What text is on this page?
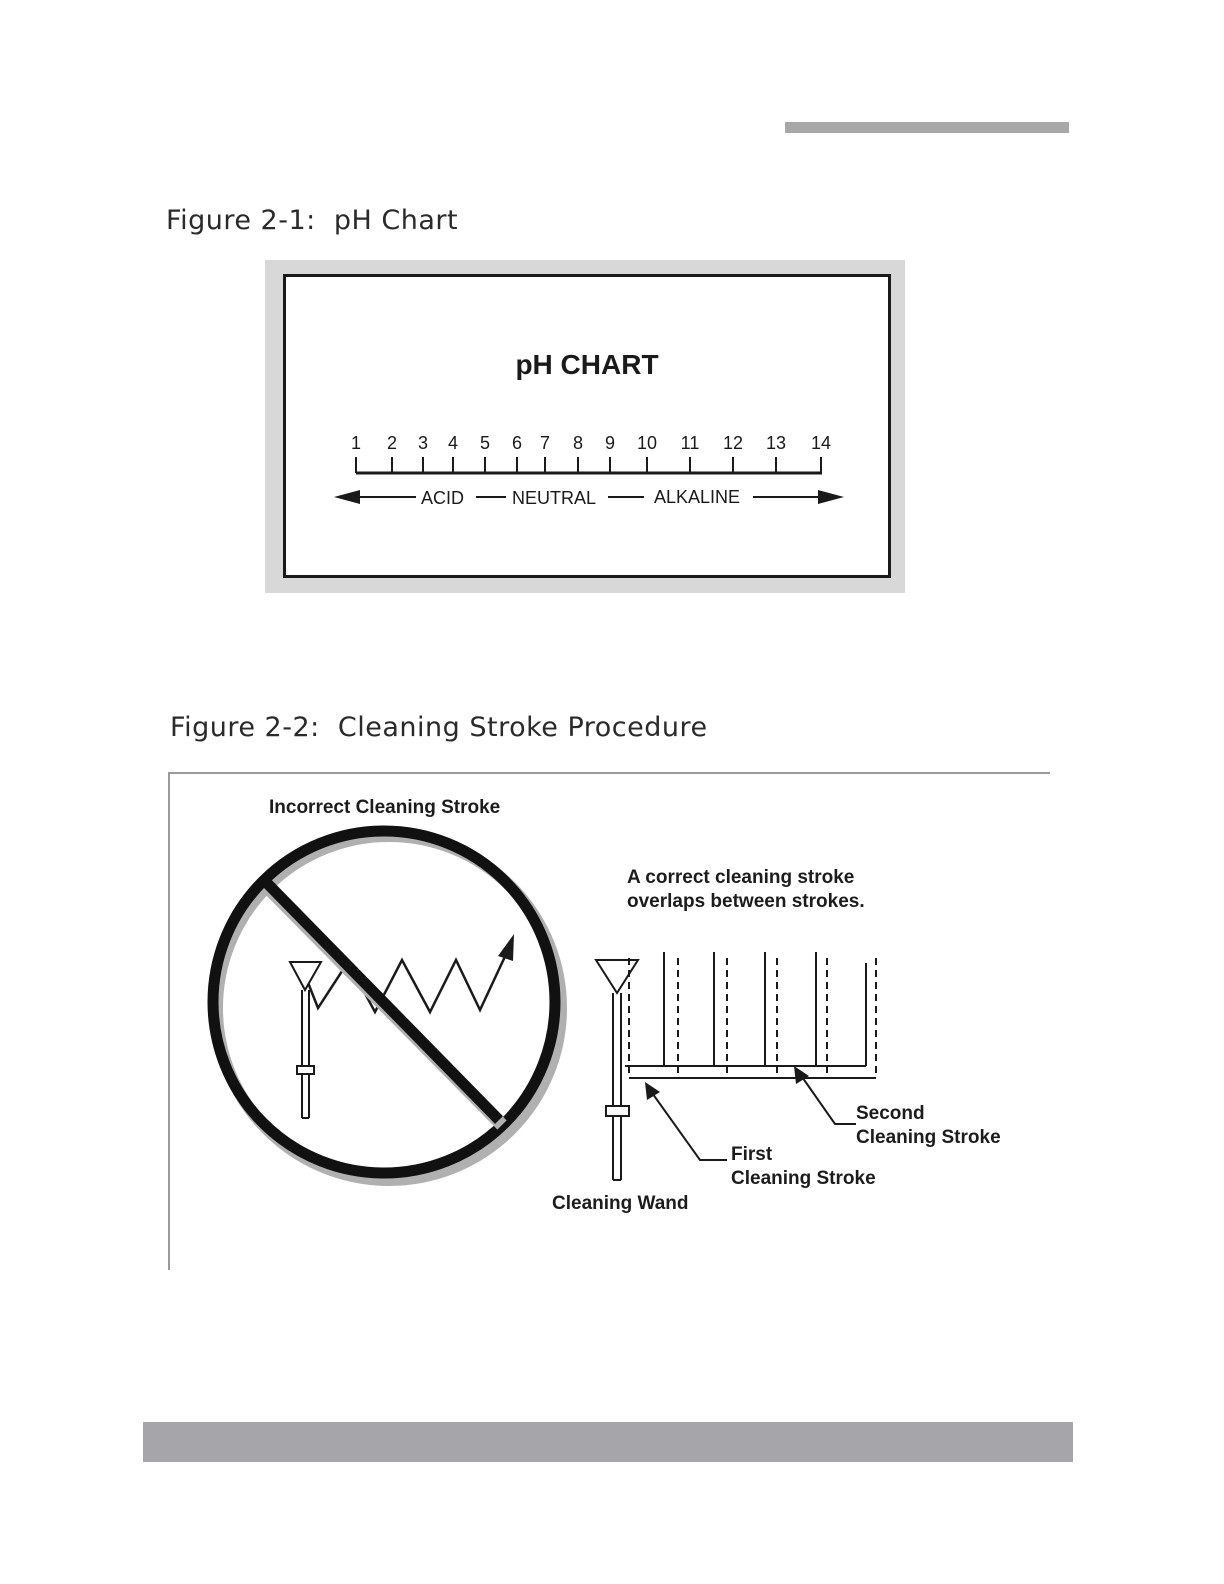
Figure 2-1:  pH Chart
pH CHART
1 2 3 4 5 6 7 8 9 10 11 12 13 14
ACID	NEUTRAL	ALKALINE
Figure 2-2:  Cleaning Stroke Procedure
Incorrect Cleaning Stroke
A correct cleaning stroke
overlaps between strokes.
Second
Cleaning Stroke
First
Cleaning Stroke
Cleaning Wand
